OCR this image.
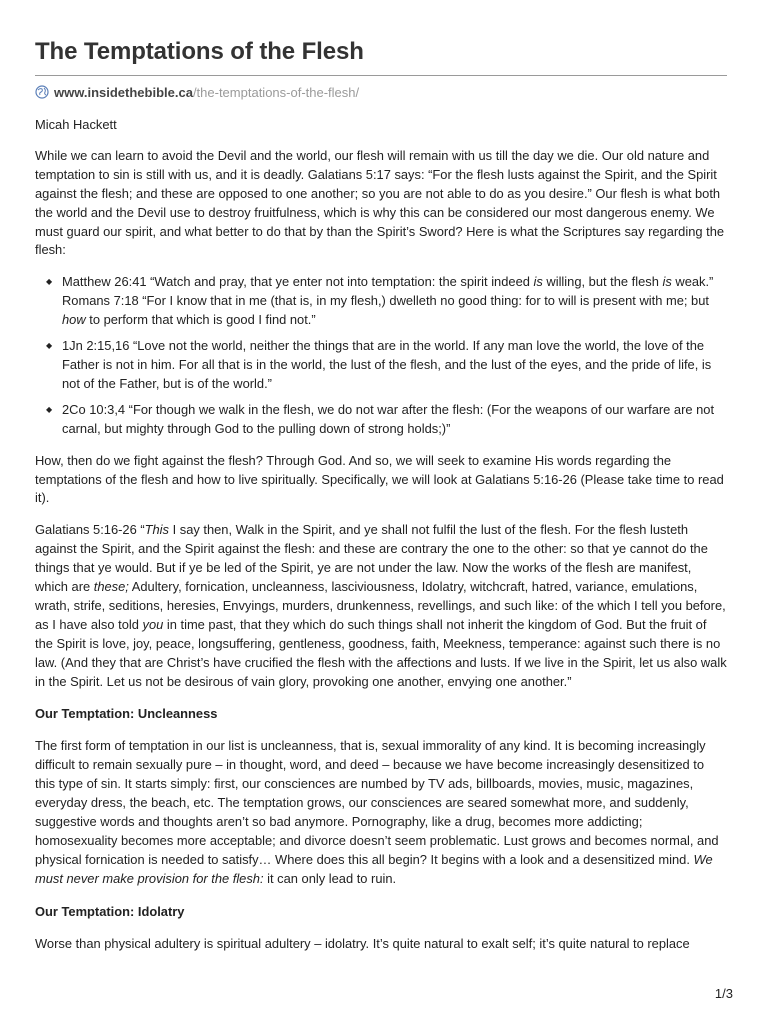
The Temptations of the Flesh
www.insidethebible.ca /the-temptations-of-the-flesh/

Micah Hackett

While we can learn to avoid the Devil and the world, our flesh will remain with us till the day we die. Our old nature and temptation to sin is still with us, and it is deadly. Galatians 5:17 says: “For the flesh lusts against the Spirit, and the Spirit against the flesh; and these are opposed to one another; so you are not able to do as you desire.” Our flesh is what both the world and the Devil use to destroy fruitfulness, which is why this can be considered our most dangerous enemy. We must guard our spirit, and what better to do that by than the Spirit’s Sword? Here is what the Scriptures say regarding the flesh:

◆ Matthew 26:41 “Watch and pray, that ye enter not into temptation: the spirit indeed is willing, but the flesh is weak.” Romans 7:18 “For I know that in me (that is, in my flesh,) dwelleth no good thing: for to will is present with me; but how to perform that which is good I find not.”
◆ 1Jn 2:15,16 “Love not the world, neither the things that are in the world. If any man love the world, the love of the Father is not in him. For all that is in the world, the lust of the flesh, and the lust of the eyes, and the pride of life, is not of the Father, but is of the world.”
◆ 2Co 10:3,4 “For though we walk in the flesh, we do not war after the flesh: (For the weapons of our warfare are not carnal, but mighty through God to the pulling down of strong holds;)”

How, then do we fight against the flesh? Through God. And so, we will seek to examine His words regarding the temptations of the flesh and how to live spiritually. Specifically, we will look at Galatians 5:16-26 (Please take time to read it).

Galatians 5:16-26 “This I say then, Walk in the Spirit, and ye shall not fulfil the lust of the flesh. For the flesh lusteth against the Spirit, and the Spirit against the flesh: and these are contrary the one to the other: so that ye cannot do the things that ye would. But if ye be led of the Spirit, ye are not under the law. Now the works of the flesh are manifest, which are these; Adultery, fornication, uncleanness, lasciviousness, Idolatry, witchcraft, hatred, variance, emulations, wrath, strife, seditions, heresies, Envyings, murders, drunkenness, revellings, and such like: of the which I tell you before, as I have also told you in time past, that they which do such things shall not inherit the kingdom of God. But the fruit of the Spirit is love, joy, peace, longsuffering, gentleness, goodness, faith, Meekness, temperance: against such there is no law. (And they that are Christ’s have crucified the flesh with the affections and lusts. If we live in the Spirit, let us also walk in the Spirit. Let us not be desirous of vain glory, provoking one another, envying one another.”

Our Temptation: Uncleanness

The first form of temptation in our list is uncleanness, that is, sexual immorality of any kind. It is becoming increasingly difficult to remain sexually pure – in thought, word, and deed – because we have become increasingly desensitized to this type of sin. It starts simply: first, our consciences are numbed by TV ads, billboards, movies, music, magazines, everyday dress, the beach, etc. The temptation grows, our consciences are seared somewhat more, and suddenly, suggestive words and thoughts aren’t so bad anymore. Pornography, like a drug, becomes more addicting; homosexuality becomes more acceptable; and divorce doesn’t seem problematic. Lust grows and becomes normal, and physical fornication is needed to satisfy… Where does this all begin? It begins with a look and a desensitized mind. We must never make provision for the flesh: it can only lead to ruin.

Our Temptation: Idolatry

Worse than physical adultery is spiritual adultery – idolatry. It’s quite natural to exalt self; it’s quite natural to replace

1/3
